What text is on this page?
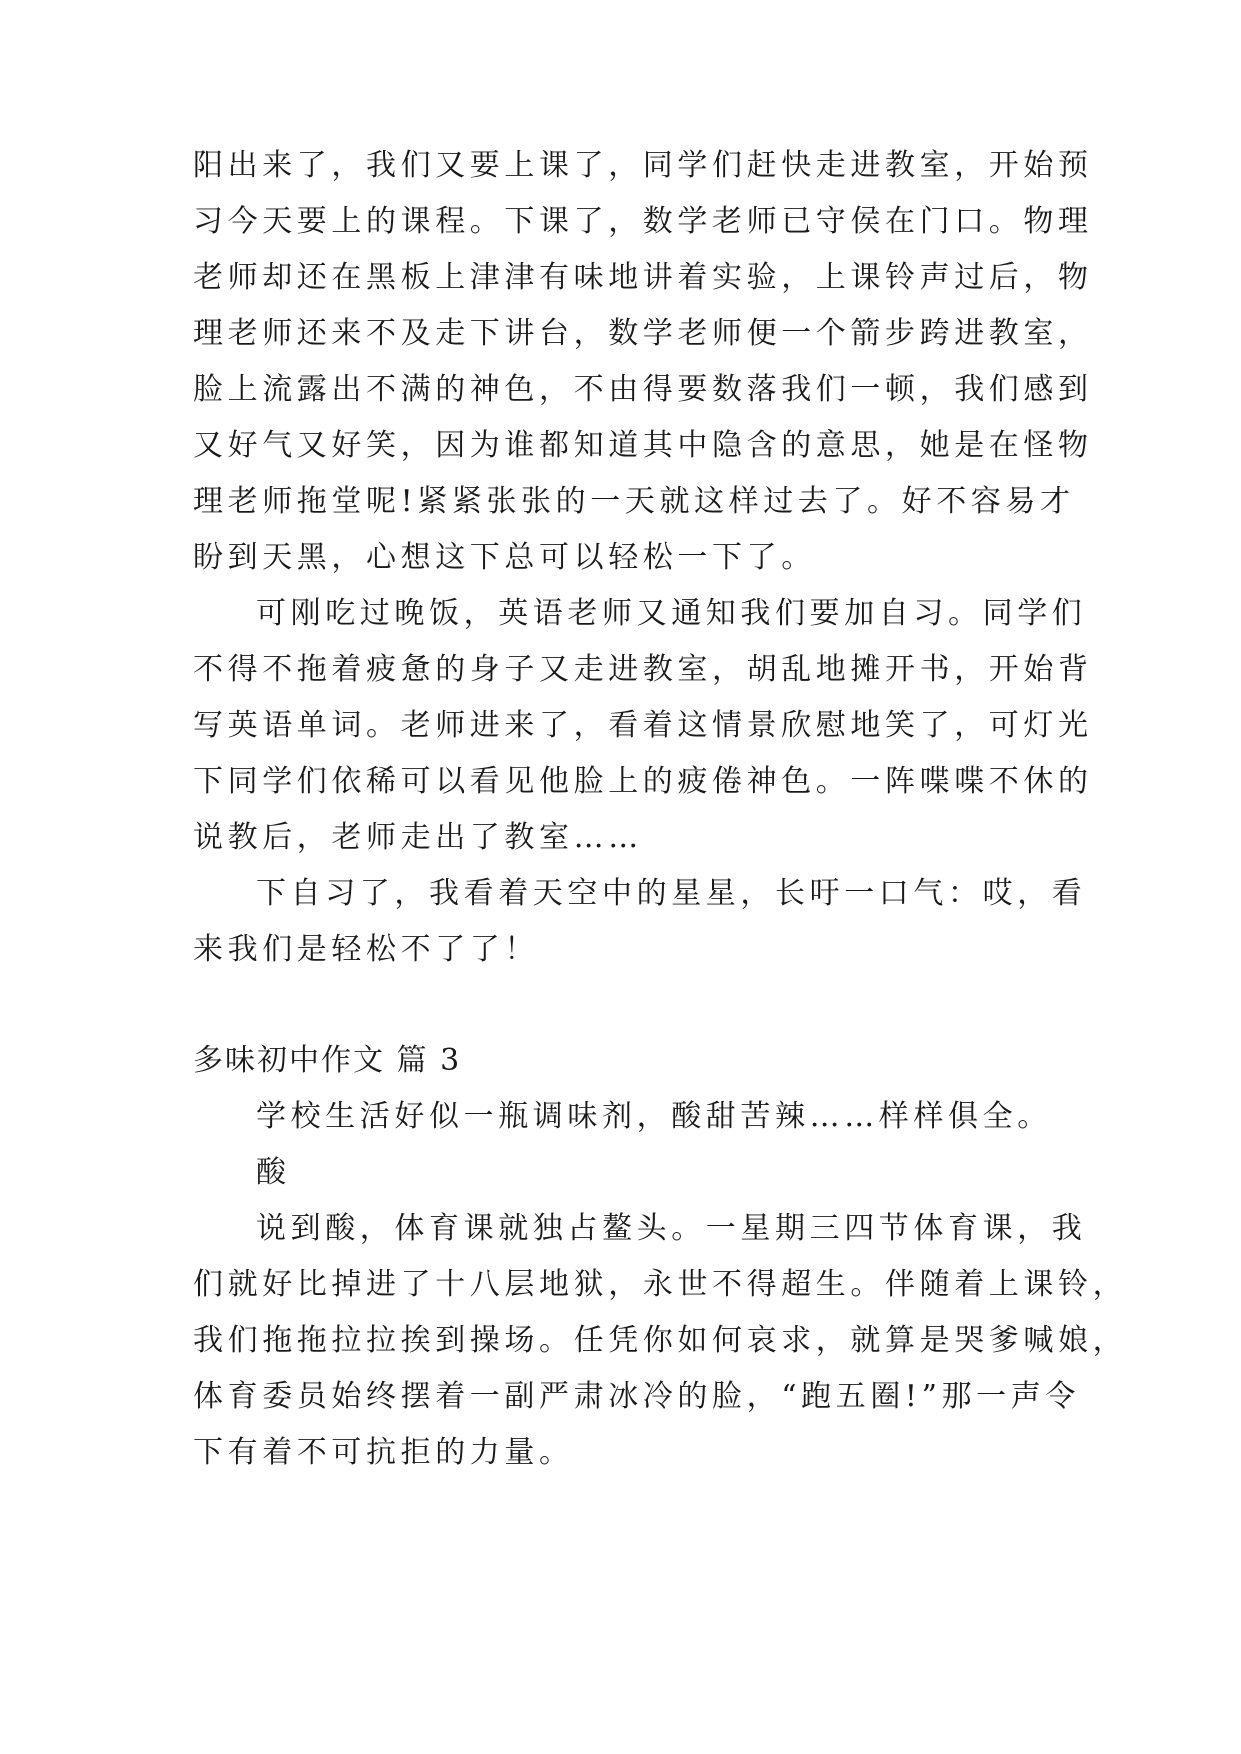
阳出来了，我们又要上课了，同学们赶快走进教室，开始预
习今天要上的课程。下课了，数学老师已守侯在门口。物理
老师却还在黑板上津津有味地讲着实验，上课铃声过后，物
理老师还来不及走下讲台，数学老师便一个箭步跨进教室，
脸上流露出不满的神色，不由得要数落我们一顿，我们感到
又好气又好笑，因为谁都知道其中隐含的意思，她是在怪物
理老师拖堂呢!紧紧张张的一天就这样过去了。好不容易才
盼到天黑，心想这下总可以轻松一下了。
可刚吃过晚饭，英语老师又通知我们要加自习。同学们
不得不拖着疲惫的身子又走进教室，胡乱地摊开书，开始背
写英语单词。老师进来了，看着这情景欣慰地笑了，可灯光
下同学们依稀可以看见他脸上的疲倦神色。一阵喋喋不休的
说教后，老师走出了教室……
下自习了，我看着天空中的星星，长吁一口气：哎，看
来我们是轻松不了了！
多味初中作文 篇 3
学校生活好似一瓶调味剂，酸甜苦辣……样样俱全。
酸
说到酸，体育课就独占鳌头。一星期三四节体育课，我
们就好比掉进了十八层地狱，永世不得超生。伴随着上课铃，
我们拖拖拉拉挨到操场。任凭你如何哀求，就算是哭爹喊娘，
体育委员始终摆着一副严肃冰冷的脸，“跑五圈!”那一声令
下有着不可抗拒的力量。
